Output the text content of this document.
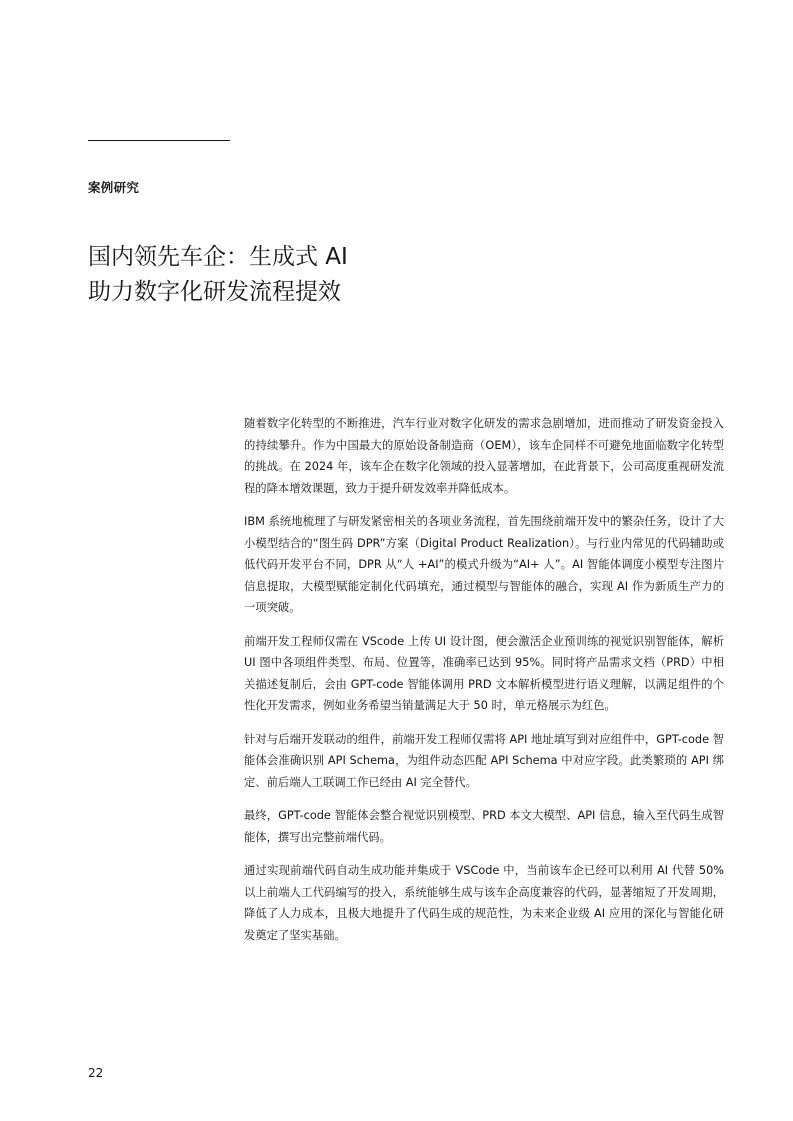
案例研究
国内领先车企：生成式 AI
助力数字化研发流程提效

随着数字化转型的不断推进，汽车行业对数字化研发的需求急剧增加，进而推动了研发资金投入的持续攀升。作为中国最大的原始设备制造商（OEM），该车企同样不可避免地面临数字化转型的挑战。在 2024 年，该车企在数字化领域的投入显著增加，在此背景下，公司高度重视研发流程的降本增效课题，致力于提升研发效率并降低成本。

IBM 系统地梳理了与研发紧密相关的各项业务流程，首先围绕前端开发中的繁杂任务，设计了大小模型结合的“图生码 DPR”方案（Digital Product Realization）。与行业内常见的代码辅助或低代码开发平台不同，DPR 从“人 +AI”的模式升级为“AI+ 人”。AI 智能体调度小模型专注图片信息提取，大模型赋能定制化代码填充，通过模型与智能体的融合，实现 AI 作为新质生产力的一项突破。

前端开发工程师仅需在 VScode 上传 UI 设计图，便会激活企业预训练的视觉识别智能体，解析 UI 图中各项组件类型、布局、位置等，准确率已达到 95%。同时将产品需求文档（PRD）中相关描述复制后，会由 GPT-code 智能体调用 PRD 文本解析模型进行语义理解，以满足组件的个性化开发需求，例如业务希望当销量满足大于 50 时，单元格展示为红色。

针对与后端开发联动的组件，前端开发工程师仅需将 API 地址填写到对应组件中，GPT-code 智能体会准确识别 API Schema，为组件动态匹配 API Schema 中对应字段。此类繁琐的 API 绑定、前后端人工联调工作已经由 AI 完全替代。

最终，GPT-code 智能体会整合视觉识别模型、PRD 本文大模型、API 信息，输入至代码生成智能体，撰写出完整前端代码。

通过实现前端代码自动生成功能并集成于 VSCode 中，当前该车企已经可以利用 AI 代替 50% 以上前端人工代码编写的投入，系统能够生成与该车企高度兼容的代码，显著缩短了开发周期，降低了人力成本，且极大地提升了代码生成的规范性，为未来企业级 AI 应用的深化与智能化研发奠定了坚实基础。

22
